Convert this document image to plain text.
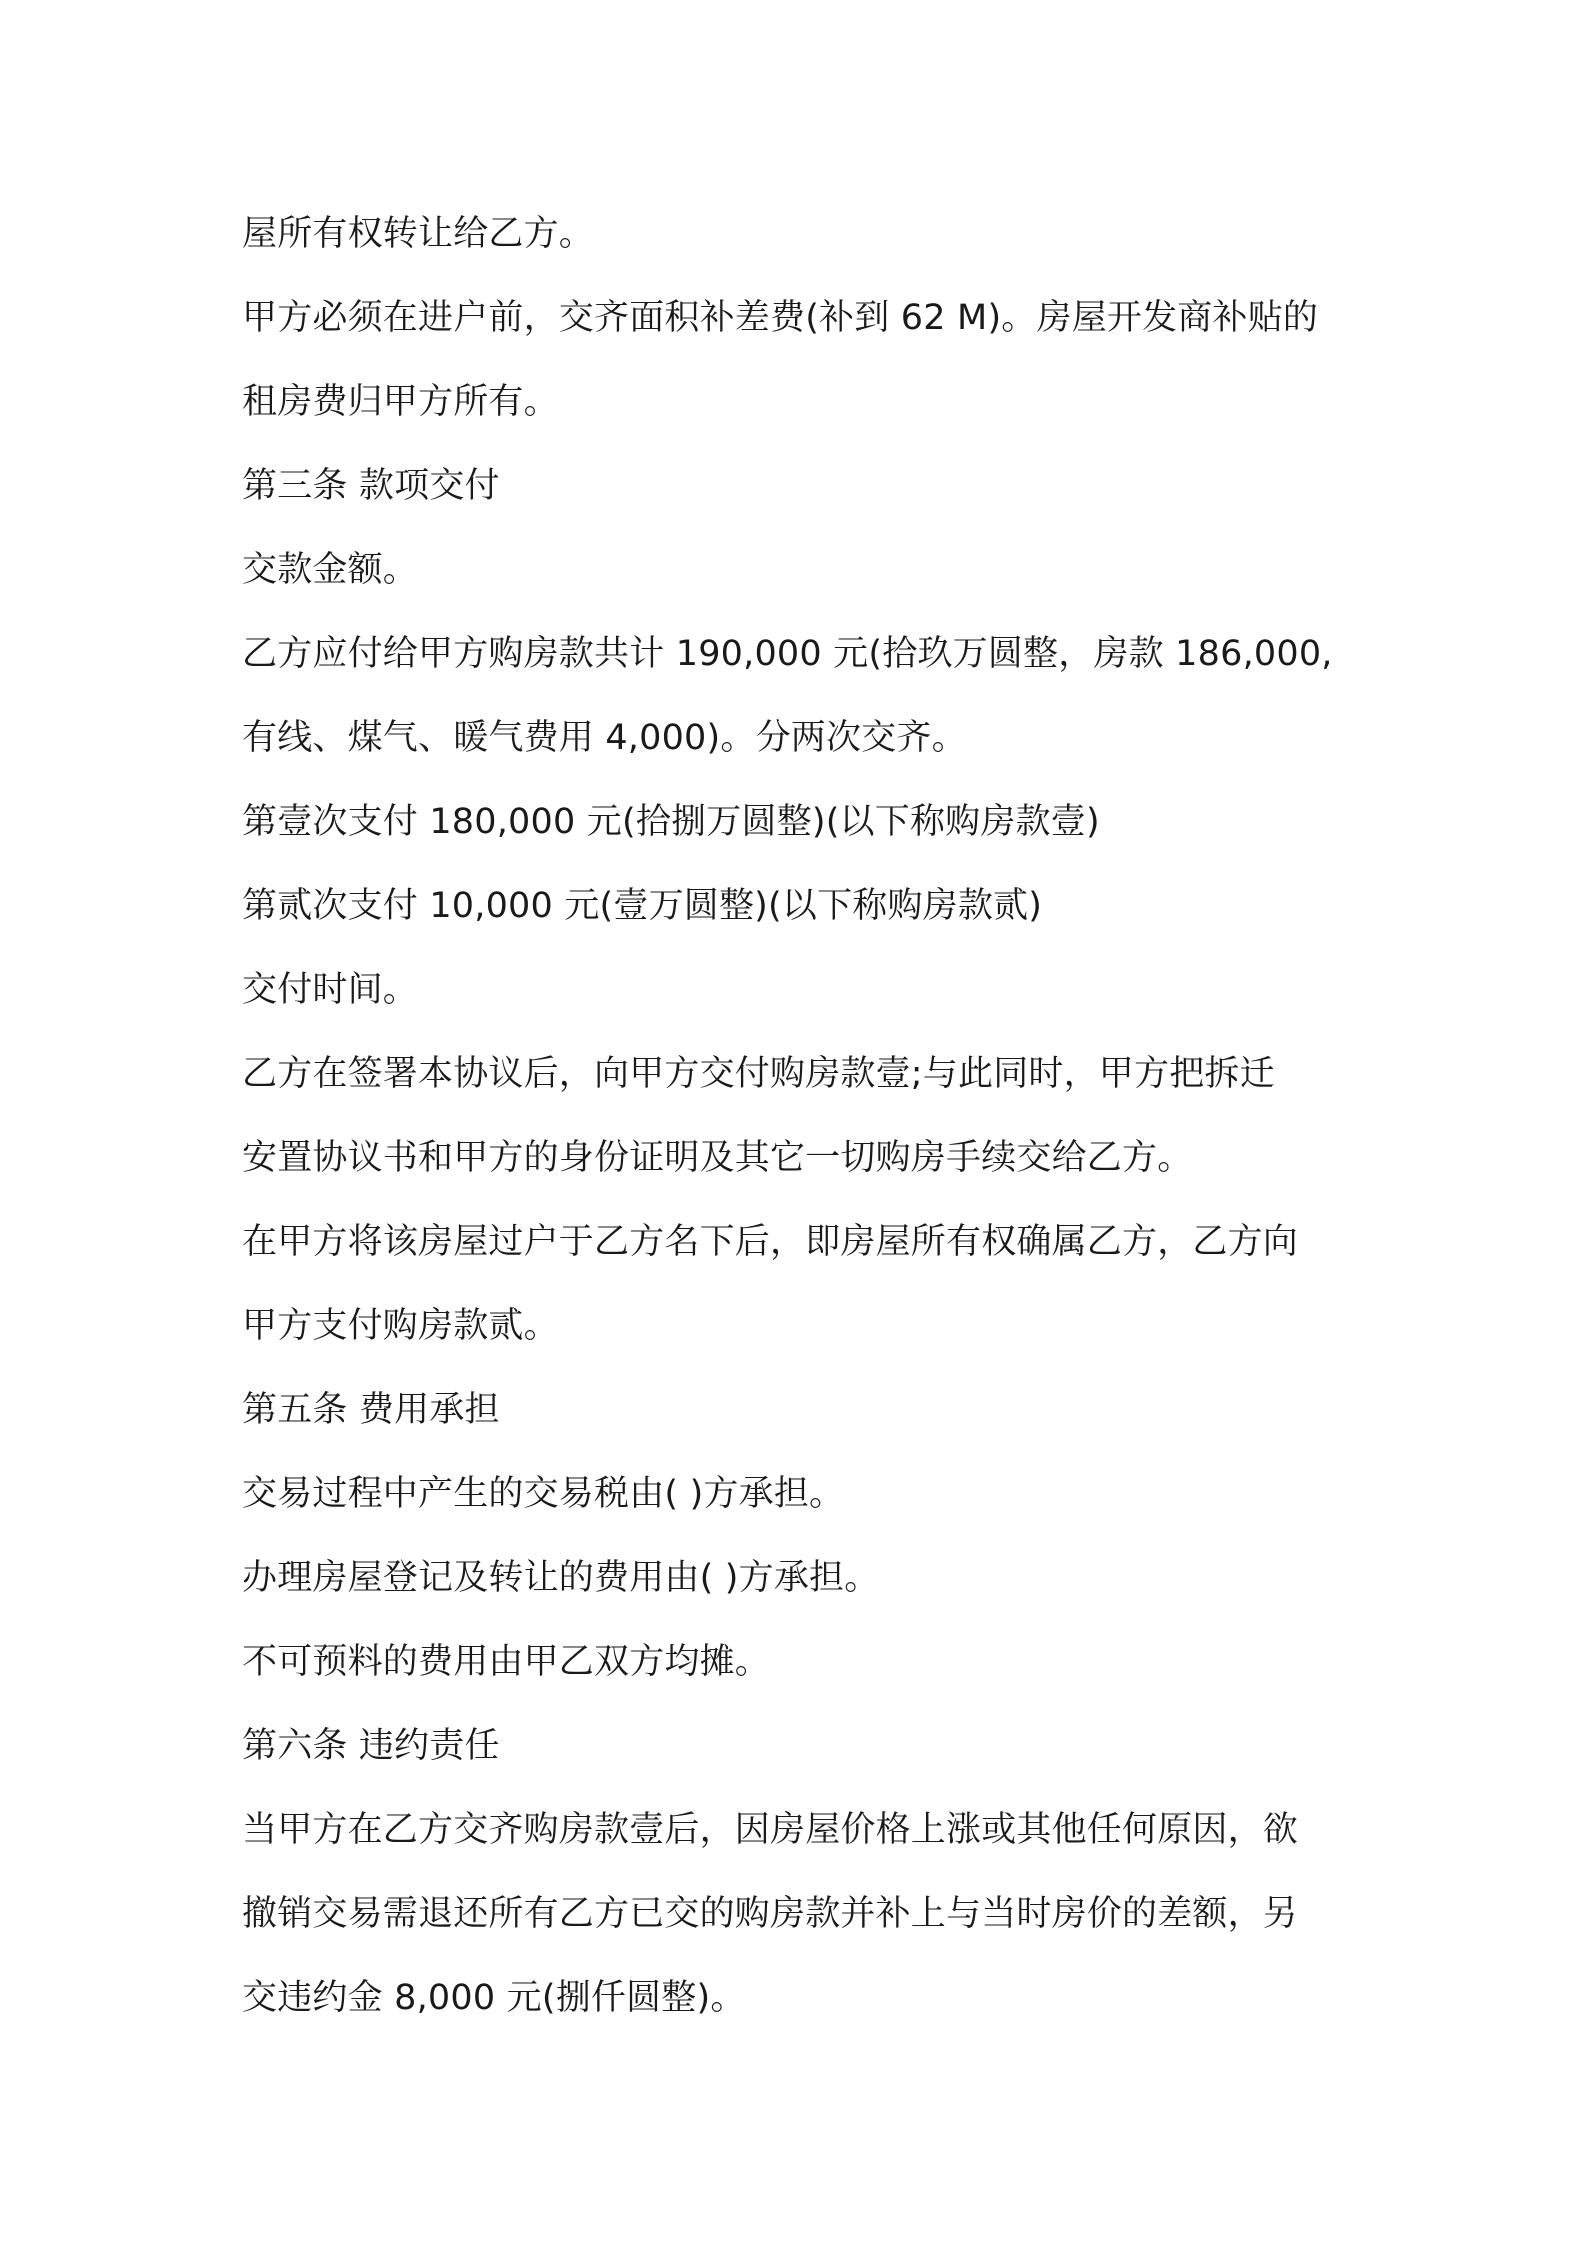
屋所有权转让给乙方。
甲方必须在进户前，交齐面积补差费(补到 62 M)。房屋开发商补贴的
租房费归甲方所有。
第三条 款项交付
交款金额。
乙方应付给甲方购房款共计 190,000 元(拾玖万圆整，房款 186,000,
有线、煤气、暖气费用 4,000)。分两次交齐。
第壹次支付 180,000 元(拾捌万圆整)(以下称购房款壹)
第贰次支付 10,000 元(壹万圆整)(以下称购房款贰)
交付时间。
乙方在签署本协议后，向甲方交付购房款壹;与此同时，甲方把拆迁
安置协议书和甲方的身份证明及其它一切购房手续交给乙方。
在甲方将该房屋过户于乙方名下后，即房屋所有权确属乙方，乙方向
甲方支付购房款贰。
第五条 费用承担
交易过程中产生的交易税由( )方承担。
办理房屋登记及转让的费用由( )方承担。
不可预料的费用由甲乙双方均摊。
第六条 违约责任
当甲方在乙方交齐购房款壹后，因房屋价格上涨或其他任何原因，欲
撤销交易需退还所有乙方已交的购房款并补上与当时房价的差额，另
交违约金 8,000 元(捌仟圆整)。
